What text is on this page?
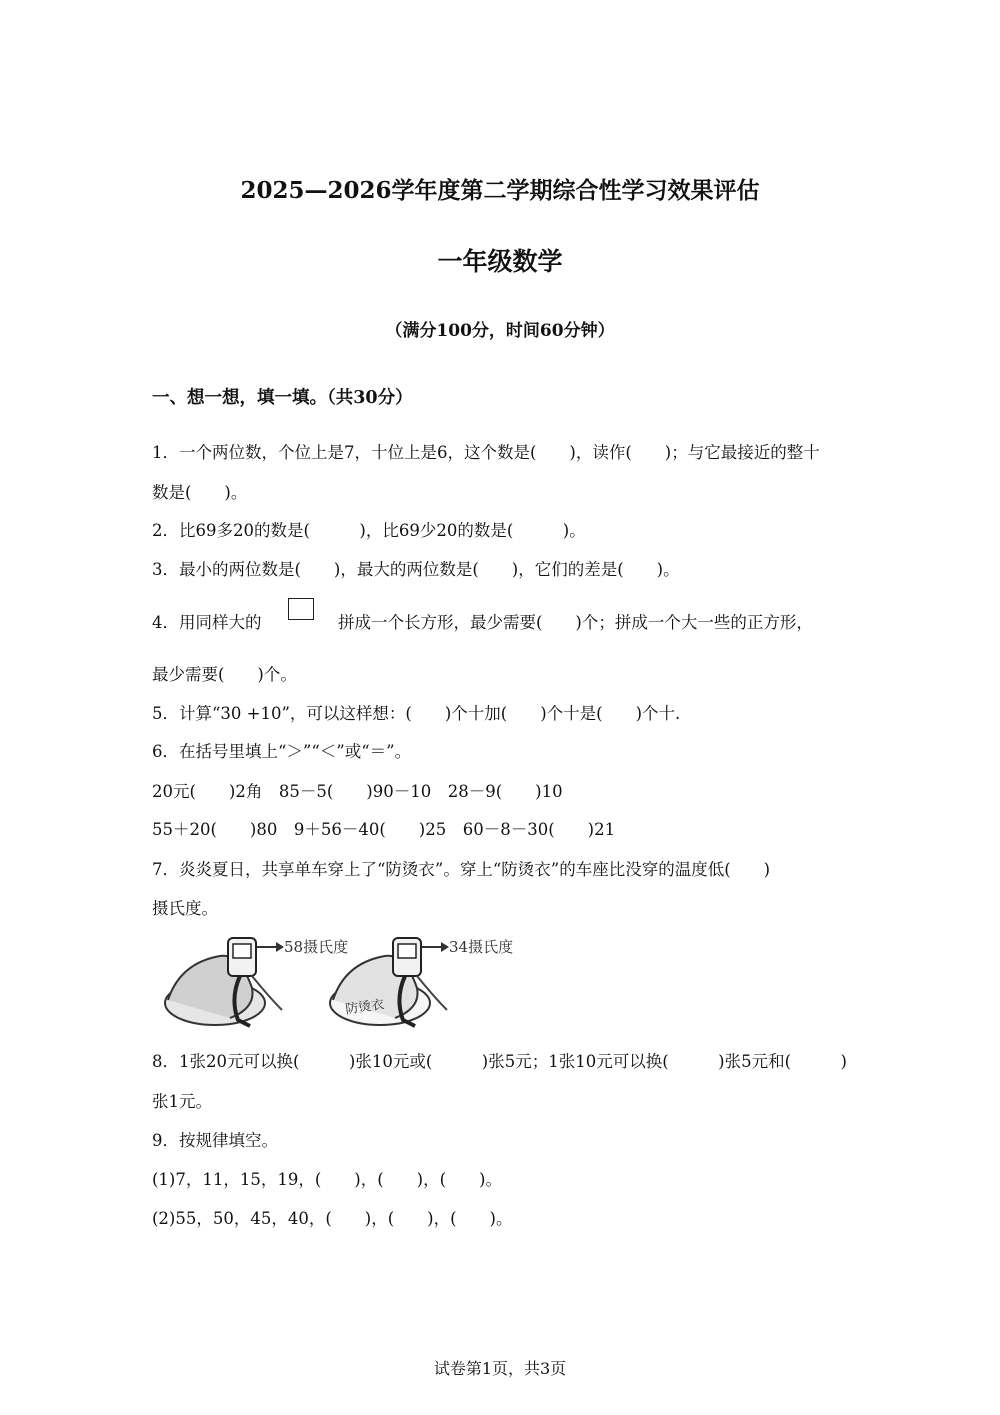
2025—2026学年度第二学期综合性学习效果评估
一年级数学
（满分100分，时间60分钟）
一、想一想，填一填。（共30分）
1．一个两位数，个位上是7，十位上是6，这个数是(　　)，读作(　　)；与它最接近的整十
数是(　　)。
2．比69多20的数是(　　　)，比69少20的数是(　　　)。
3．最小的两位数是(　　)，最大的两位数是(　　)，它们的差是(　　)。
4．用同样大的	拼成一个长方形，最少需要(　　)个；拼成一个大一些的正方形，
最少需要(　　)个。
5．计算“30 +10”，可以这样想：(　　)个十加(　　)个十是(　　)个十.
6．在括号里填上“＞”“＜”或“＝”。
20元(　　)2角　85－5(　　)90－10　28－9(　　)10
55＋20(　　)80　9＋56－40(　　)25　60－8－30(　　)21
7．炎炎夏日，共享单车穿上了“防烫衣”。穿上“防烫衣”的车座比没穿的温度低(　　)
摄氏度。
58摄氏度	34摄氏度
防烫衣
8．1张20元可以换(　　　)张10元或(　　　)张5元；1张10元可以换(　　　)张5元和(　　　)
张1元。
9．按规律填空。
(1)7，11，15，19，(　　)，(　　)，(　　)。
(2)55，50，45，40，(　　)，(　　)，(　　)。
试卷第1页，共3页
